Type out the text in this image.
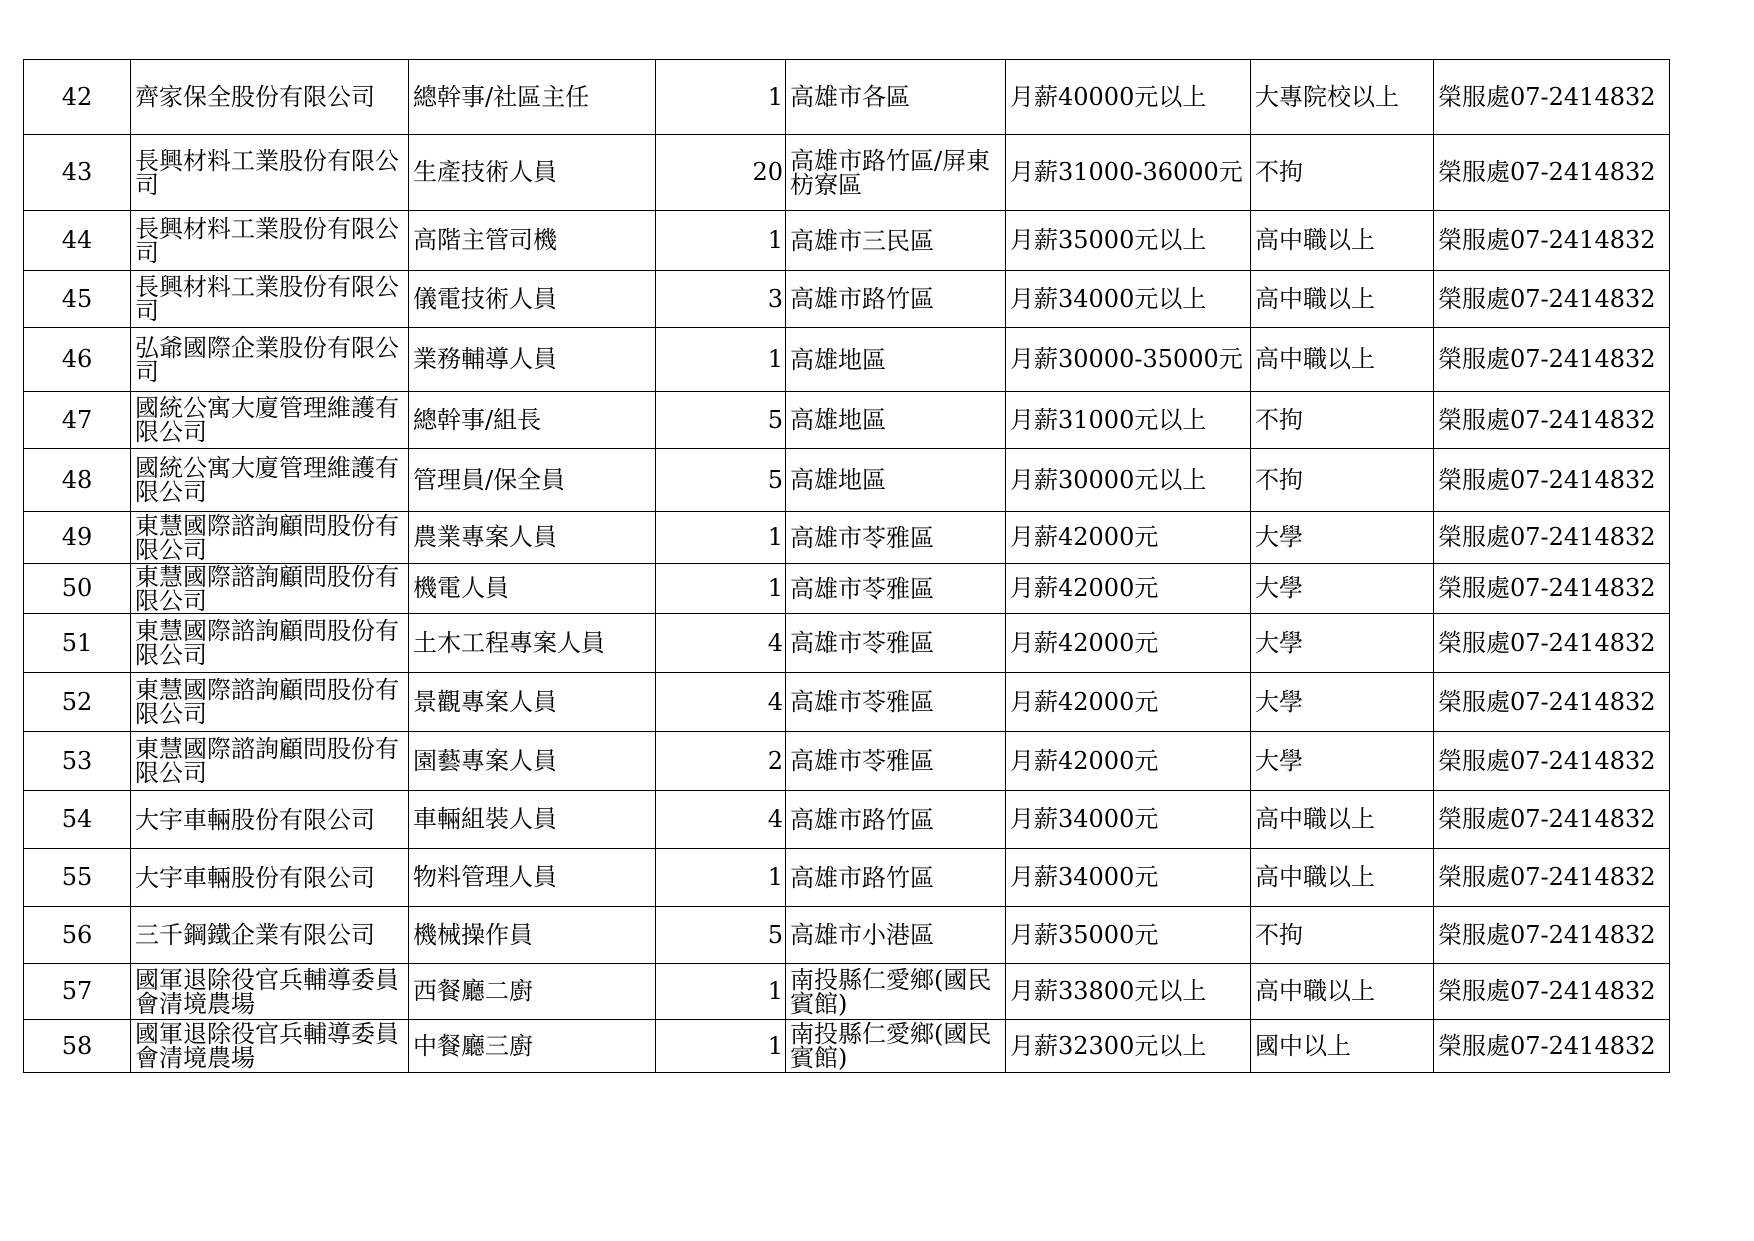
42	齊家保全股份有限公司	總幹事/社區主任	1	高雄市各區	月薪40000元以上	大專院校以上	榮服處07-2414832
43	長興材料工業股份有限公司	生產技術人員	20	高雄市路竹區/屏東枋寮區	月薪31000-36000元	不拘	榮服處07-2414832
44	長興材料工業股份有限公司	高階主管司機	1	高雄市三民區	月薪35000元以上	高中職以上	榮服處07-2414832
45	長興材料工業股份有限公司	儀電技術人員	3	高雄市路竹區	月薪34000元以上	高中職以上	榮服處07-2414832
46	弘爺國際企業股份有限公司	業務輔導人員	1	高雄地區	月薪30000-35000元	高中職以上	榮服處07-2414832
47	國統公寓大廈管理維護有限公司	總幹事/組長	5	高雄地區	月薪31000元以上	不拘	榮服處07-2414832
48	國統公寓大廈管理維護有限公司	管理員/保全員	5	高雄地區	月薪30000元以上	不拘	榮服處07-2414832
49	東慧國際諮詢顧問股份有限公司	農業專案人員	1	高雄市苓雅區	月薪42000元	大學	榮服處07-2414832
50	東慧國際諮詢顧問股份有限公司	機電人員	1	高雄市苓雅區	月薪42000元	大學	榮服處07-2414832
51	東慧國際諮詢顧問股份有限公司	土木工程專案人員	4	高雄市苓雅區	月薪42000元	大學	榮服處07-2414832
52	東慧國際諮詢顧問股份有限公司	景觀專案人員	4	高雄市苓雅區	月薪42000元	大學	榮服處07-2414832
53	東慧國際諮詢顧問股份有限公司	園藝專案人員	2	高雄市苓雅區	月薪42000元	大學	榮服處07-2414832
54	大宇車輛股份有限公司	車輛組裝人員	4	高雄市路竹區	月薪34000元	高中職以上	榮服處07-2414832
55	大宇車輛股份有限公司	物料管理人員	1	高雄市路竹區	月薪34000元	高中職以上	榮服處07-2414832
56	三千鋼鐵企業有限公司	機械操作員	5	高雄市小港區	月薪35000元	不拘	榮服處07-2414832
57	國軍退除役官兵輔導委員會清境農場	西餐廳二廚	1	南投縣仁愛鄉(國民賓館)	月薪33800元以上	高中職以上	榮服處07-2414832
58	國軍退除役官兵輔導委員會清境農場	中餐廳三廚	1	南投縣仁愛鄉(國民賓館)	月薪32300元以上	國中以上	榮服處07-2414832
